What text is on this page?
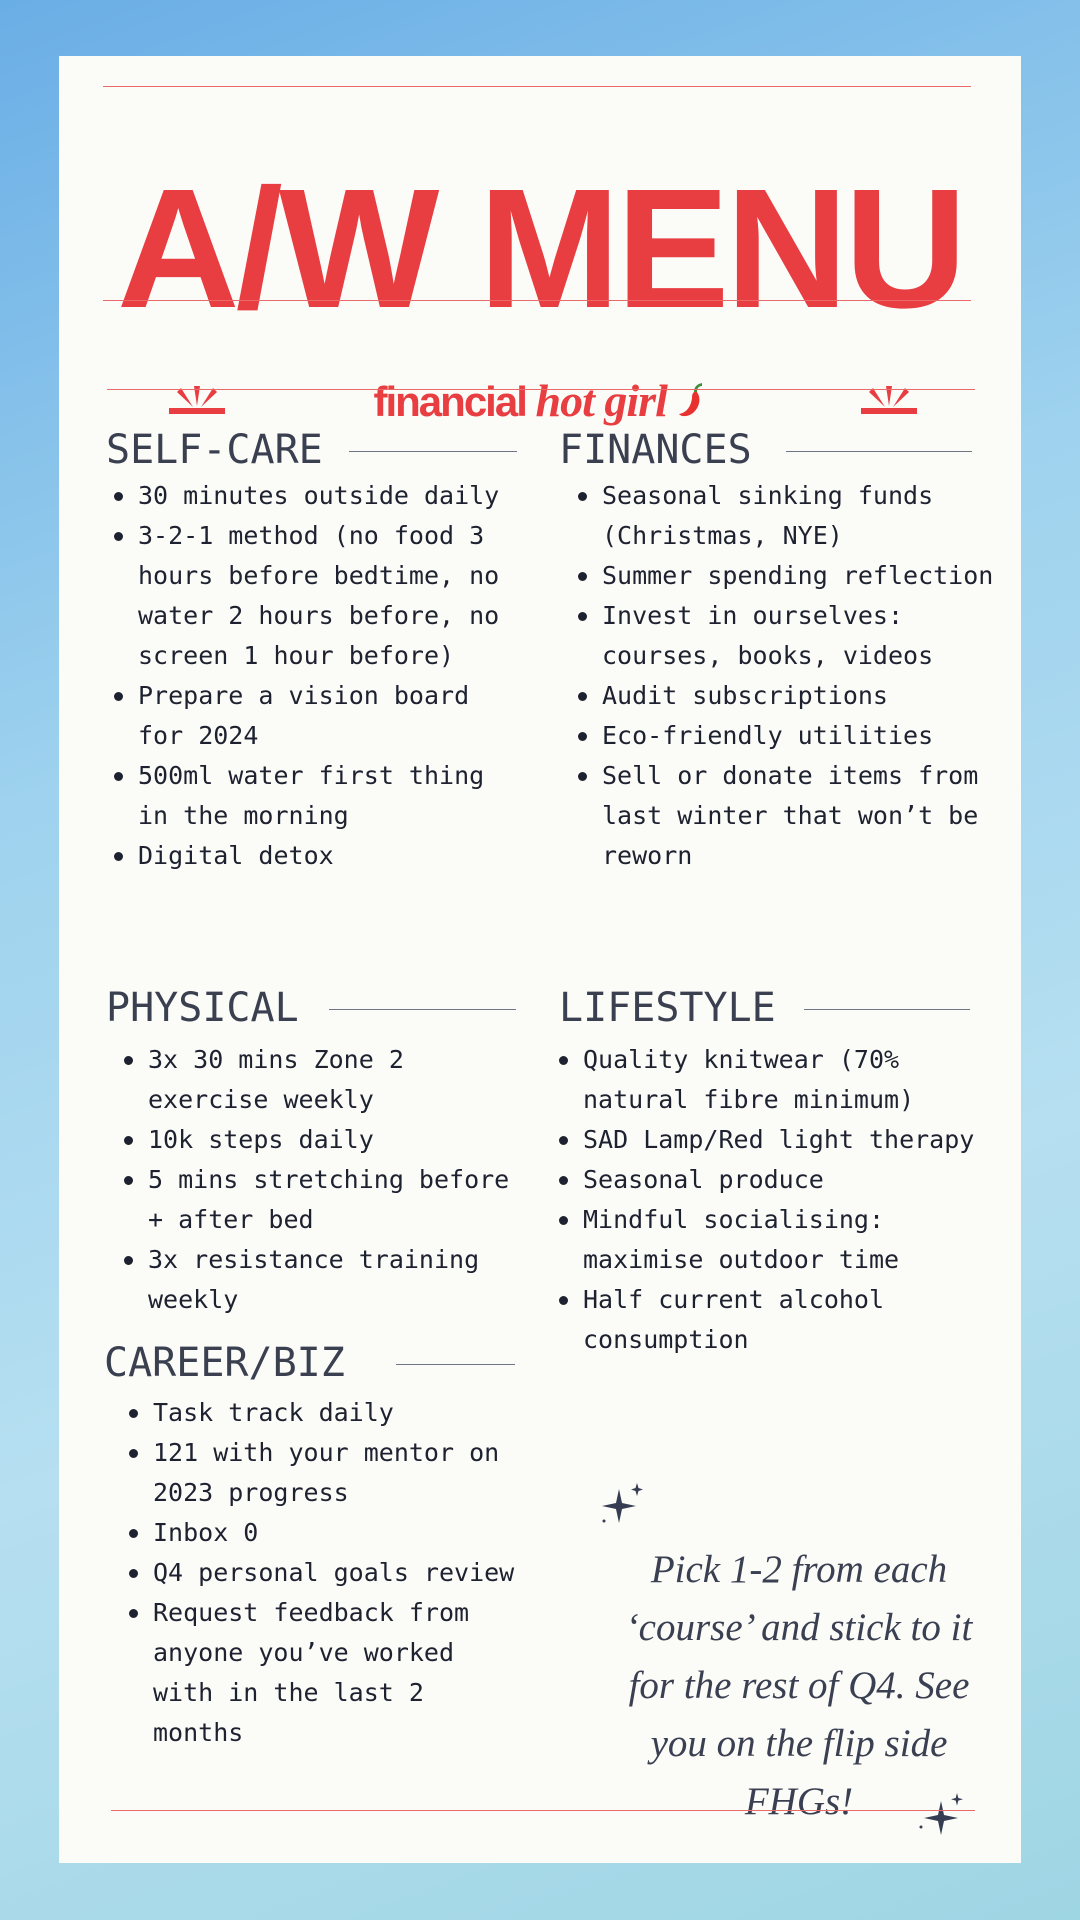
A/W MENU
financial hot girl
SELF-CARE
30 minutes outside daily
3-2-1 method (no food 3 hours before bedtime, no water 2 hours before, no screen 1 hour before)
Prepare a vision board for 2024
500ml water first thing in the morning
Digital detox
FINANCES
Seasonal sinking funds (Christmas, NYE)
Summer spending reflection
Invest in ourselves: courses, books, videos
Audit subscriptions
Eco-friendly utilities
Sell or donate items from last winter that won’t be reworn
PHYSICAL
3x 30 mins Zone 2 exercise weekly
10k steps daily
5 mins stretching before + after bed
3x resistance training weekly
LIFESTYLE
Quality knitwear (70% natural fibre minimum)
SAD Lamp/Red light therapy
Seasonal produce
Mindful socialising: maximise outdoor time
Half current alcohol consumption
CAREER/BIZ
Task track daily
121 with your mentor on 2023 progress
Inbox 0
Q4 personal goals review
Request feedback from anyone you’ve worked with in the last 2 months

Pick 1-2 from each ‘course’ and stick to it for the rest of Q4. See you on the flip side FHGs!
